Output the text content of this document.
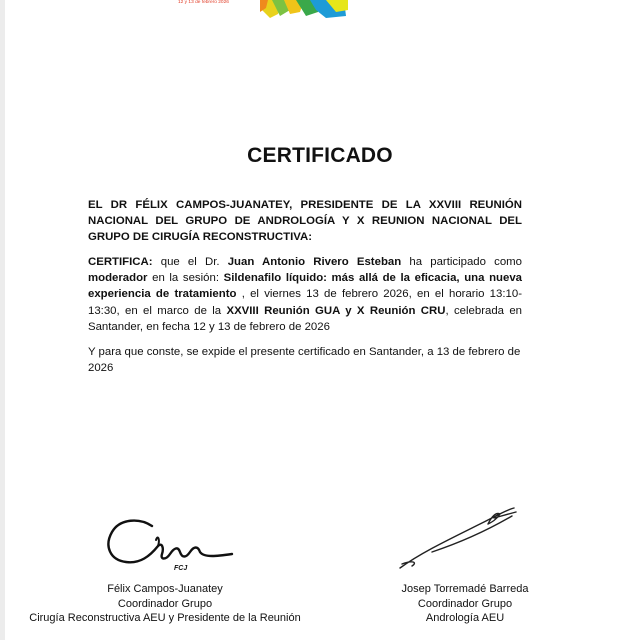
12 y 13 de febrero 2026
CERTIFICADO
EL DR FÉLIX CAMPOS-JUANATEY, PRESIDENTE DE LA XXVIII REUNIÓN NACIONAL DEL GRUPO DE ANDROLOGÍA Y X REUNION NACIONAL DEL GRUPO DE CIRUGÍA RECONSTRUCTIVA:
CERTIFICA: que el Dr. Juan Antonio Rivero Esteban ha participado como moderador en la sesión: Sildenafilo líquido: más allá de la eficacia, una nueva experiencia de tratamiento , el viernes 13 de febrero 2026, en el horario 13:10-13:30, en el marco de la XXVIII Reunión GUA y X Reunión CRU, celebrada en Santander, en fecha 12 y 13 de febrero de 2026
Y para que conste, se expide el presente certificado en Santander, a 13 de febrero de 2026
FCJ
Félix Campos-Juanatey
Coordinador Grupo
Cirugía Reconstructiva AEU y Presidente de la Reunión
Josep Torremadé Barreda
Coordinador Grupo
Andrología AEU
